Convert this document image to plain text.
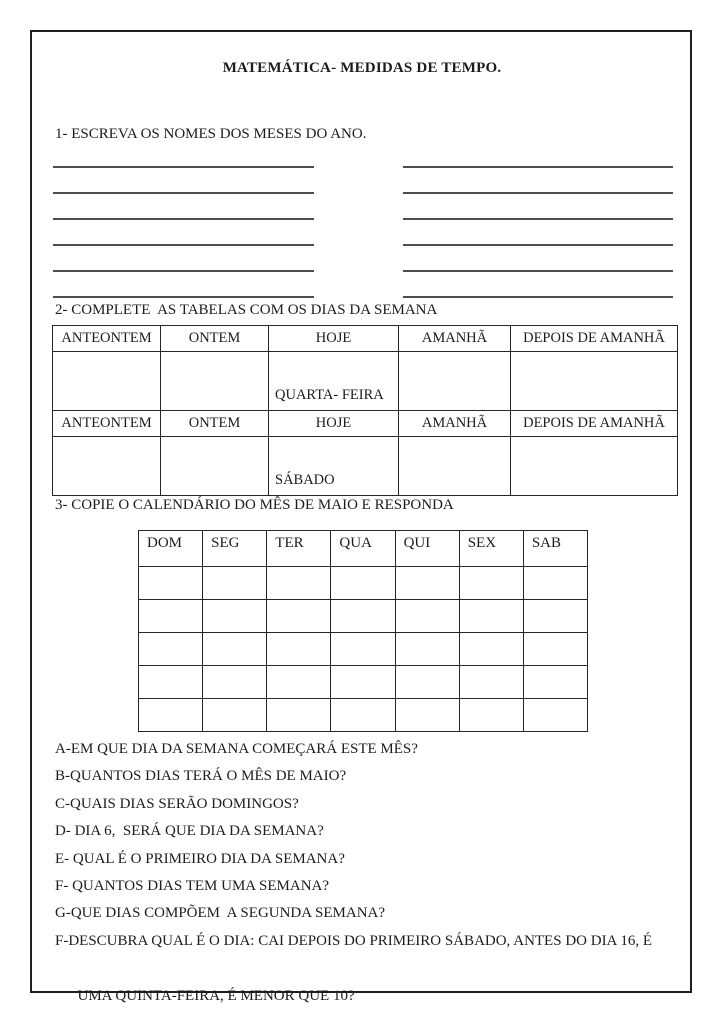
MATEMÁTICA- MEDIDAS DE TEMPO.
1- ESCREVA OS NOMES DOS MESES DO ANO.
2- COMPLETE  AS TABELAS COM OS DIAS DA SEMANA
ANTEONTEM	ONTEM	HOJE	AMANHÃ	DEPOIS DE AMANHÃ
		QUARTA- FEIRA		
ANTEONTEM	ONTEM	HOJE	AMANHÃ	DEPOIS DE AMANHÃ
		SÁBADO		
3- COPIE O CALENDÁRIO DO MÊS DE MAIO E RESPONDA
DOM	SEG	TER	QUA	QUI	SEX	SAB

A-EM QUE DIA DA SEMANA COMEÇARÁ ESTE MÊS?
B-QUANTOS DIAS TERÁ O MÊS DE MAIO?
C-QUAIS DIAS SERÃO DOMINGOS?
D- DIA 6,  SERÁ QUE DIA DA SEMANA?
E- QUAL É O PRIMEIRO DIA DA SEMANA?
F- QUANTOS DIAS TEM UMA SEMANA?
G-QUE DIAS COMPÕEM  A SEGUNDA SEMANA?
F-DESCUBRA QUAL É O DIA: CAI DEPOIS DO PRIMEIRO SÁBADO, ANTES DO DIA 16, É

UMA QUINTA-FEIRA, É MENOR QUE 10?
